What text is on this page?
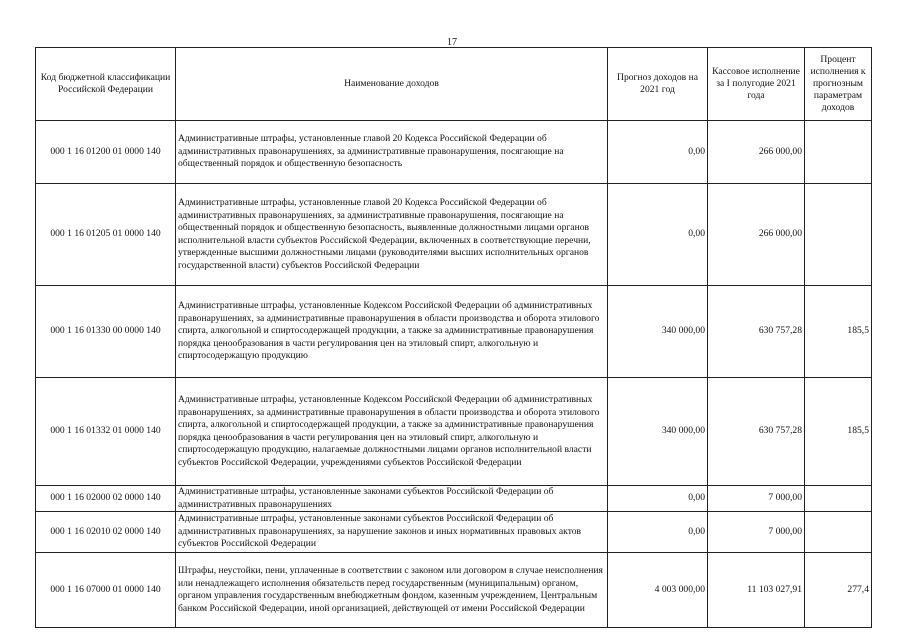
17
Код бюджетной классификации Российской Федерации	Наименование доходов	Прогноз доходов на 2021 год	Кассовое исполнение за I полугодие 2021 года	Процент исполнения к прогнозным параметрам доходов
000 1 16 01200 01 0000 140	Административные штрафы, установленные главой 20 Кодекса Российской Федерации об административных правонарушениях, за административные правонарушения, посягающие на общественный порядок и общественную безопасность	0,00	266 000,00	
000 1 16 01205 01 0000 140	Административные штрафы, установленные главой 20 Кодекса Российской Федерации об административных правонарушениях, за административные правонарушения, посягающие на общественный порядок и общественную безопасность, выявленные должностными лицами органов исполнительной власти субъектов Российской Федерации, включенных в соответствующие перечни, утвержденные высшими должностными лицами (руководителями высших исполнительных органов государственной власти) субъектов Российской Федерации	0,00	266 000,00	
000 1 16 01330 00 0000 140	Административные штрафы, установленные Кодексом Российской Федерации об административных правонарушениях, за административные правонарушения в области производства и оборота этилового спирта, алкогольной и спиртосодержащей продукции, а также за административные правонарушения порядка ценообразования в части регулирования цен на этиловый спирт, алкогольную и спиртосодержащую продукцию	340 000,00	630 757,28	185,5
000 1 16 01332 01 0000 140	Административные штрафы, установленные Кодексом Российской Федерации об административных правонарушениях, за административные правонарушения в области производства и оборота этилового спирта, алкогольной и спиртосодержащей продукции, а также за административные правонарушения порядка ценообразования в части регулирования цен на этиловый спирт, алкогольную и спиртосодержащую продукцию, налагаемые должностными лицами органов исполнительной власти субъектов Российской Федерации, учреждениями субъектов Российской Федерации	340 000,00	630 757,28	185,5
000 1 16 02000 02 0000 140	Административные штрафы, установленные законами субъектов Российской Федерации об административных правонарушениях	0,00	7 000,00	
000 1 16 02010 02 0000 140	Административные штрафы, установленные законами субъектов Российской Федерации об административных правонарушениях, за нарушение законов и иных нормативных правовых актов субъектов Российской Федерации	0,00	7 000,00	
000 1 16 07000 01 0000 140	Штрафы, неустойки, пени, уплаченные в соответствии с законом или договором в случае неисполнения или ненадлежащего исполнения обязательств перед государственным (муниципальным) органом, органом управления государственным внебюджетным фондом, казенным учреждением, Центральным банком Российской Федерации, иной организацией, действующей от имени Российской Федерации	4 003 000,00	11 103 027,91	277,4
